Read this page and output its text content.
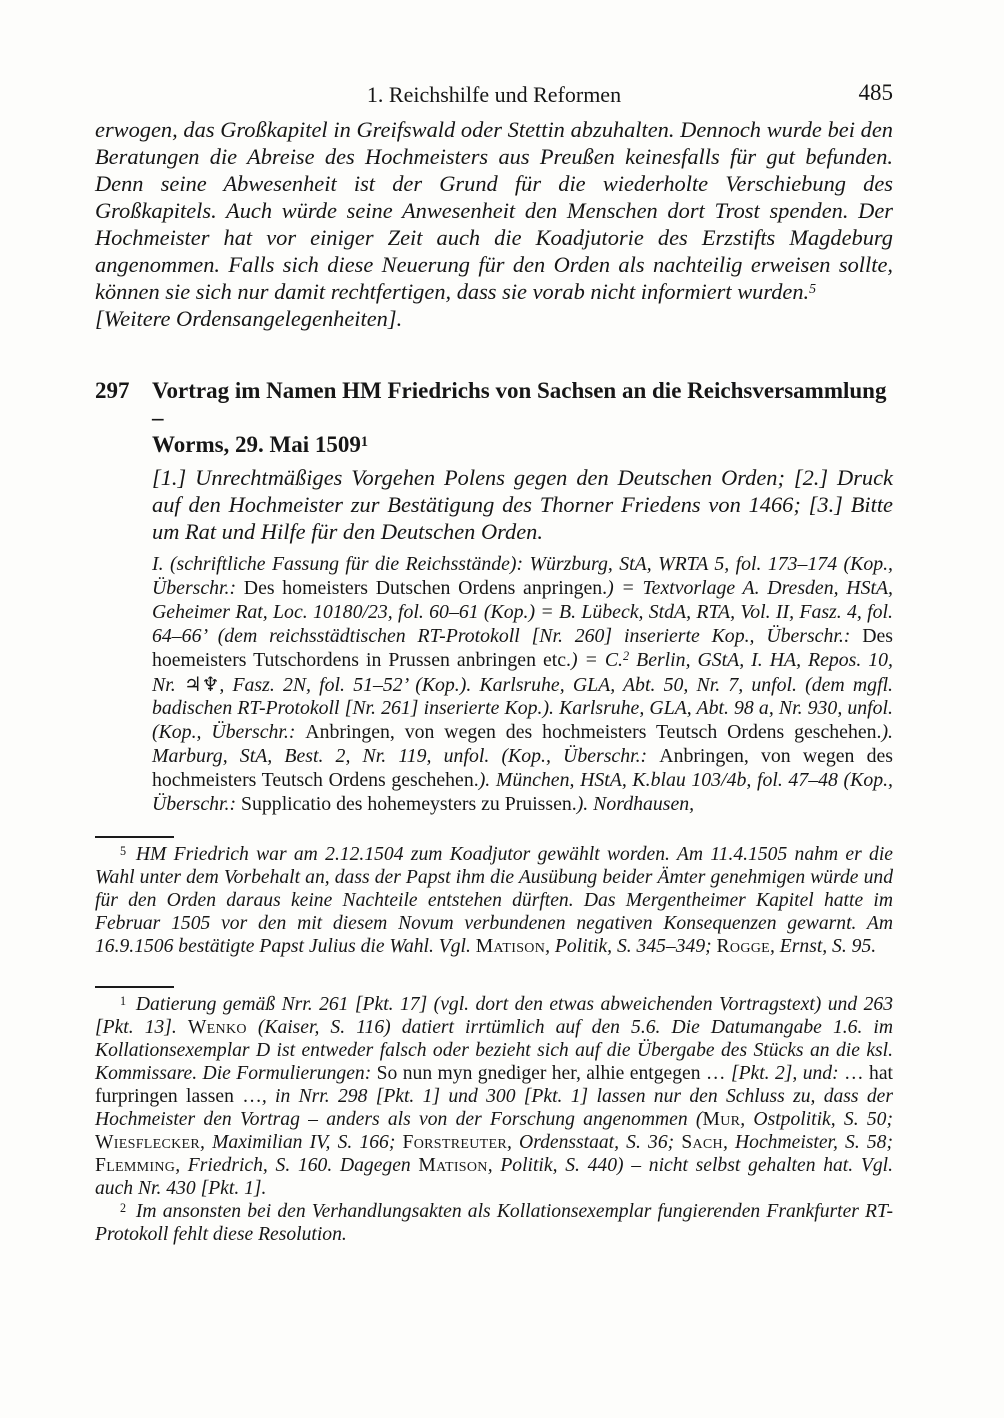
1. Reichshilfe und Reformen	485

erwogen, das Großkapitel in Greifswald oder Stettin abzuhalten. Dennoch wurde bei den Beratungen die Abreise des Hochmeisters aus Preußen keinesfalls für gut befunden. Denn seine Abwesenheit ist der Grund für die wiederholte Verschiebung des Großkapitels. Auch würde seine Anwesenheit den Menschen dort Trost spenden. Der Hochmeister hat vor einiger Zeit auch die Koadjutorie des Erzstifts Magdeburg angenommen. Falls sich diese Neuerung für den Orden als nachteilig erweisen sollte, können sie sich nur damit rechtfertigen, dass sie vorab nicht informiert wurden.$^5$

[Weitere Ordensangelegenheiten].

297 Vortrag im Namen HM Friedrichs von Sachsen an die Reichsversammlung –
Worms, 29. Mai 1509$^1$

[1.] Unrechtmäßiges Vorgehen Polens gegen den Deutschen Orden; [2.] Druck auf den Hochmeister zur Bestätigung des Thorner Friedens von 1466; [3.] Bitte um Rat und Hilfe für den Deutschen Orden.

I. (schriftliche Fassung für die Reichsstände): Würzburg, StA, WRTA 5, fol. 173–174 (Kop., Überschr.: Des homeisters Dutschen Ordens anpringen.) = Textvorlage A. Dresden, HStA, Geheimer Rat, Loc. 10180/23, fol. 60–61 (Kop.) = B. Lübeck, StdA, RTA, Vol. II, Fasz. 4, fol. 64–66’ (dem reichsstädtischen RT-Protokoll [Nr. 260] inserierte Kop., Überschr.: Des hoemeisters Tutschordens in Prussen anbringen etc.) = C.$^2$ Berlin, GStA, I. HA, Repos. 10, Nr. ♃♆, Fasz. 2N, fol. 51–52’ (Kop.). Karlsruhe, GLA, Abt. 50, Nr. 7, unfol. (dem mgfl. badischen RT-Protokoll [Nr. 261] inserierte Kop.). Karlsruhe, GLA, Abt. 98 a, Nr. 930, unfol. (Kop., Überschr.: Anbringen, von wegen des hochmeisters Teutsch Ordens geschehen.). Marburg, StA, Best. 2, Nr. 119, unfol. (Kop., Überschr.: Anbringen, von wegen des hochmeisters Teutsch Ordens geschehen.). München, HStA, K.blau 103/4b, fol. 47–48 (Kop., Überschr.: Supplicatio des hohemeysters zu Pruissen.). Nordhausen,

$^5$ HM Friedrich war am 2.12.1504 zum Koadjutor gewählt worden. Am 11.4.1505 nahm er die Wahl unter dem Vorbehalt an, dass der Papst ihm die Ausübung beider Ämter genehmigen würde und für den Orden daraus keine Nachteile entstehen dürften. Das Mergentheimer Kapitel hatte im Februar 1505 vor den mit diesem Novum verbundenen negativen Konsequenzen gewarnt. Am 16.9.1506 bestätigte Papst Julius die Wahl. Vgl. Matison, Politik, S. 345–349; Rogge, Ernst, S. 95.

$^1$ Datierung gemäß Nrr. 261 [Pkt. 17] (vgl. dort den etwas abweichenden Vortragstext) und 263 [Pkt. 13]. Wenko (Kaiser, S. 116) datiert irrtümlich auf den 5.6. Die Datumangabe 1.6. im Kollationsexemplar D ist entweder falsch oder bezieht sich auf die Übergabe des Stücks an die ksl. Kommissare. Die Formulierungen: So nun myn gnediger her, alhie entgegen … [Pkt. 2], und: … hat furpringen lassen …, in Nrr. 298 [Pkt. 1] und 300 [Pkt. 1] lassen nur den Schluss zu, dass der Hochmeister den Vortrag – anders als von der Forschung angenommen (Mur, Ostpolitik, S. 50; Wiesflecker, Maximilian IV, S. 166; Forstreuter, Ordensstaat, S. 36; Sach, Hochmeister, S. 58; Flemming, Friedrich, S. 160. Dagegen Matison, Politik, S. 440) – nicht selbst gehalten hat. Vgl. auch Nr. 430 [Pkt. 1].

$^2$ Im ansonsten bei den Verhandlungsakten als Kollationsexemplar fungierenden Frankfurter RT-Protokoll fehlt diese Resolution.
